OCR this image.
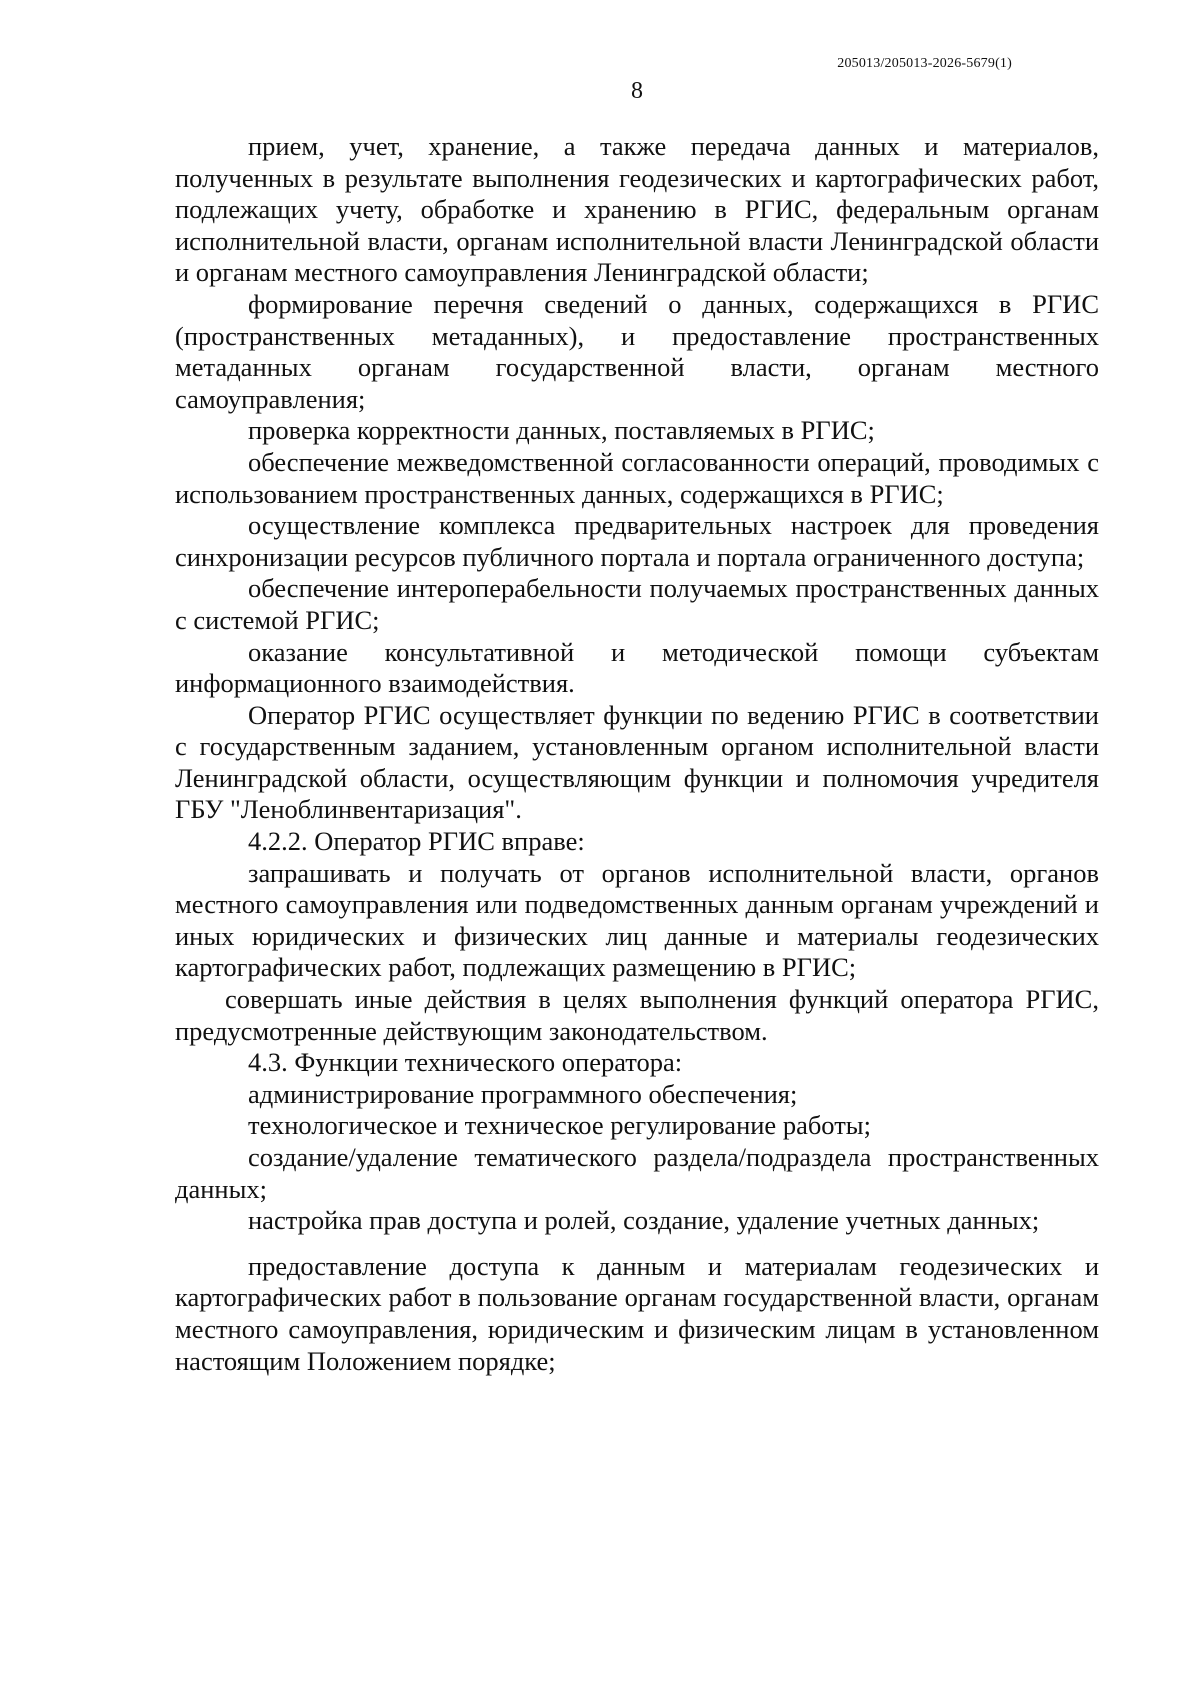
205013/205013-2026-5679(1)
8

прием, учет, хранение, а также передача данных и материалов, полученных в результате выполнения геодезических и картографических работ, подлежащих учету, обработке и хранению в РГИС, федеральным органам исполнительной власти, органам исполнительной власти Ленинградской области и органам местного самоуправления Ленинградской области;

формирование перечня сведений о данных, содержащихся в РГИС (пространственных метаданных), и предоставление пространственных метаданных органам государственной власти, органам местного самоуправления;

проверка корректности данных, поставляемых в РГИС;

обеспечение межведомственной согласованности операций, проводимых с использованием пространственных данных, содержащихся в РГИС;

осуществление комплекса предварительных настроек для проведения синхронизации ресурсов публичного портала и портала ограниченного доступа;

обеспечение интероперабельности получаемых пространственных данных с системой РГИС;

оказание консультативной и методической помощи субъектам информационного взаимодействия.

Оператор РГИС осуществляет функции по ведению РГИС в соответствии с государственным заданием, установленным органом исполнительной власти Ленинградской области, осуществляющим функции и полномочия учредителя ГБУ "Леноблинвентаризация".

4.2.2. Оператор РГИС вправе:

запрашивать и получать от органов исполнительной власти, органов местного самоуправления или подведомственных данным органам учреждений и иных юридических и физических лиц данные и материалы геодезических картографических работ, подлежащих размещению в РГИС;

совершать иные действия в целях выполнения функций оператора РГИС, предусмотренные действующим законодательством.

4.3. Функции технического оператора:

администрирование программного обеспечения;

технологическое и техническое регулирование работы;

создание/удаление тематического раздела/подраздела пространственных данных;

настройка прав доступа и ролей, создание, удаление учетных данных;

предоставление доступа к данным и материалам геодезических и картографических работ в пользование органам государственной власти, органам местного самоуправления, юридическим и физическим лицам в установленном настоящим Положением порядке;
